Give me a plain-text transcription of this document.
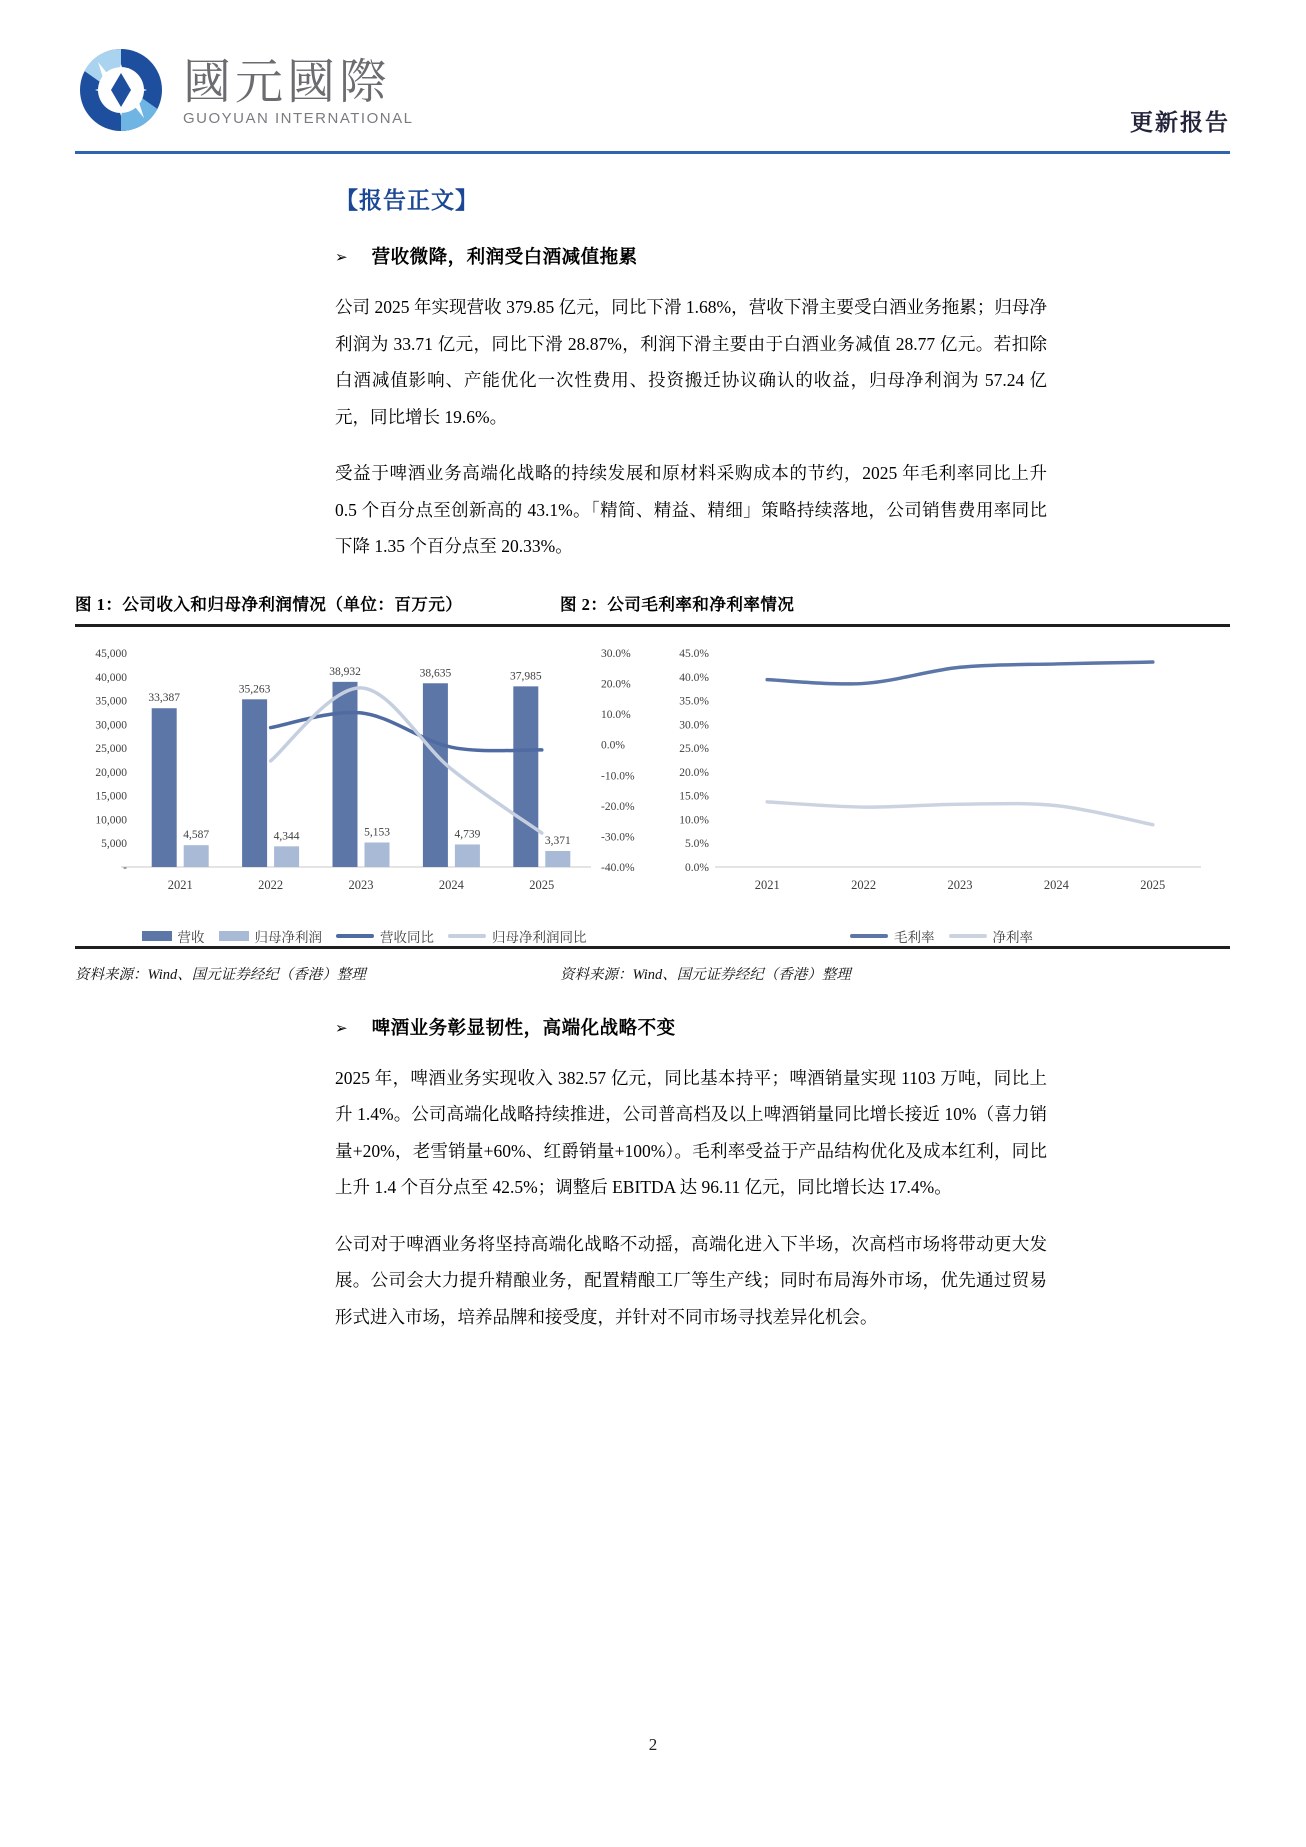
國元國際
GUOYUAN INTERNATIONAL	更新报告
【报告正文】
➢ 营收微降，利润受白酒减值拖累

公司 2025 年实现营收 379.85 亿元，同比下滑 1.68%，营收下滑主要受白酒业务拖累；归母净利润为 33.71 亿元，同比下滑 28.87%，利润下滑主要由于白酒业务减值 28.77 亿元。若扣除白酒减值影响、产能优化一次性费用、投资搬迁协议确认的收益，归母净利润为 57.24 亿元，同比增长 19.6%。

受益于啤酒业务高端化战略的持续发展和原材料采购成本的节约，2025 年毛利率同比上升 0.5 个百分点至创新高的 43.1%。「精简、精益、精细」策略持续落地，公司销售费用率同比下降 1.35 个百分点至 20.33%。

图 1：公司收入和归母净利润情况（单位：百万元）	图 2：公司毛利率和净利率情况
-
5,000
10,000
15,000
20,000
25,000
30,000
35,000
40,000
45,000
-40.0%
-30.0%
-20.0%
-10.0%
0.0%
10.0%
20.0%
30.0%
33,387
4,587
2021
35,263
4,344
2022
38,932
5,153
2023
38,635
4,739
2024
37,985
3,371
2025
营收	归母净利润	营收同比	归母净利润同比
0.0%
5.0%
10.0%
15.0%
20.0%
25.0%
30.0%
35.0%
40.0%
45.0%
2021	2022	2023	2024	2025
毛利率	净利率
资料来源：Wind、国元证券经纪（香港）整理	资料来源：Wind、国元证券经纪（香港）整理
➢ 啤酒业务彰显韧性，高端化战略不变

2025 年，啤酒业务实现收入 382.57 亿元，同比基本持平；啤酒销量实现 1103 万吨，同比上升 1.4%。公司高端化战略持续推进，公司普高档及以上啤酒销量同比增长接近 10%（喜力销量+20%，老雪销量+60%、红爵销量+100%）。毛利率受益于产品结构优化及成本红利，同比上升 1.4 个百分点至 42.5%；调整后 EBITDA 达 96.11 亿元，同比增长达 17.4%。

公司对于啤酒业务将坚持高端化战略不动摇，高端化进入下半场，次高档市场将带动更大发展。公司会大力提升精酿业务，配置精酿工厂等生产线；同时布局海外市场，优先通过贸易形式进入市场，培养品牌和接受度，并针对不同市场寻找差异化机会。

2
